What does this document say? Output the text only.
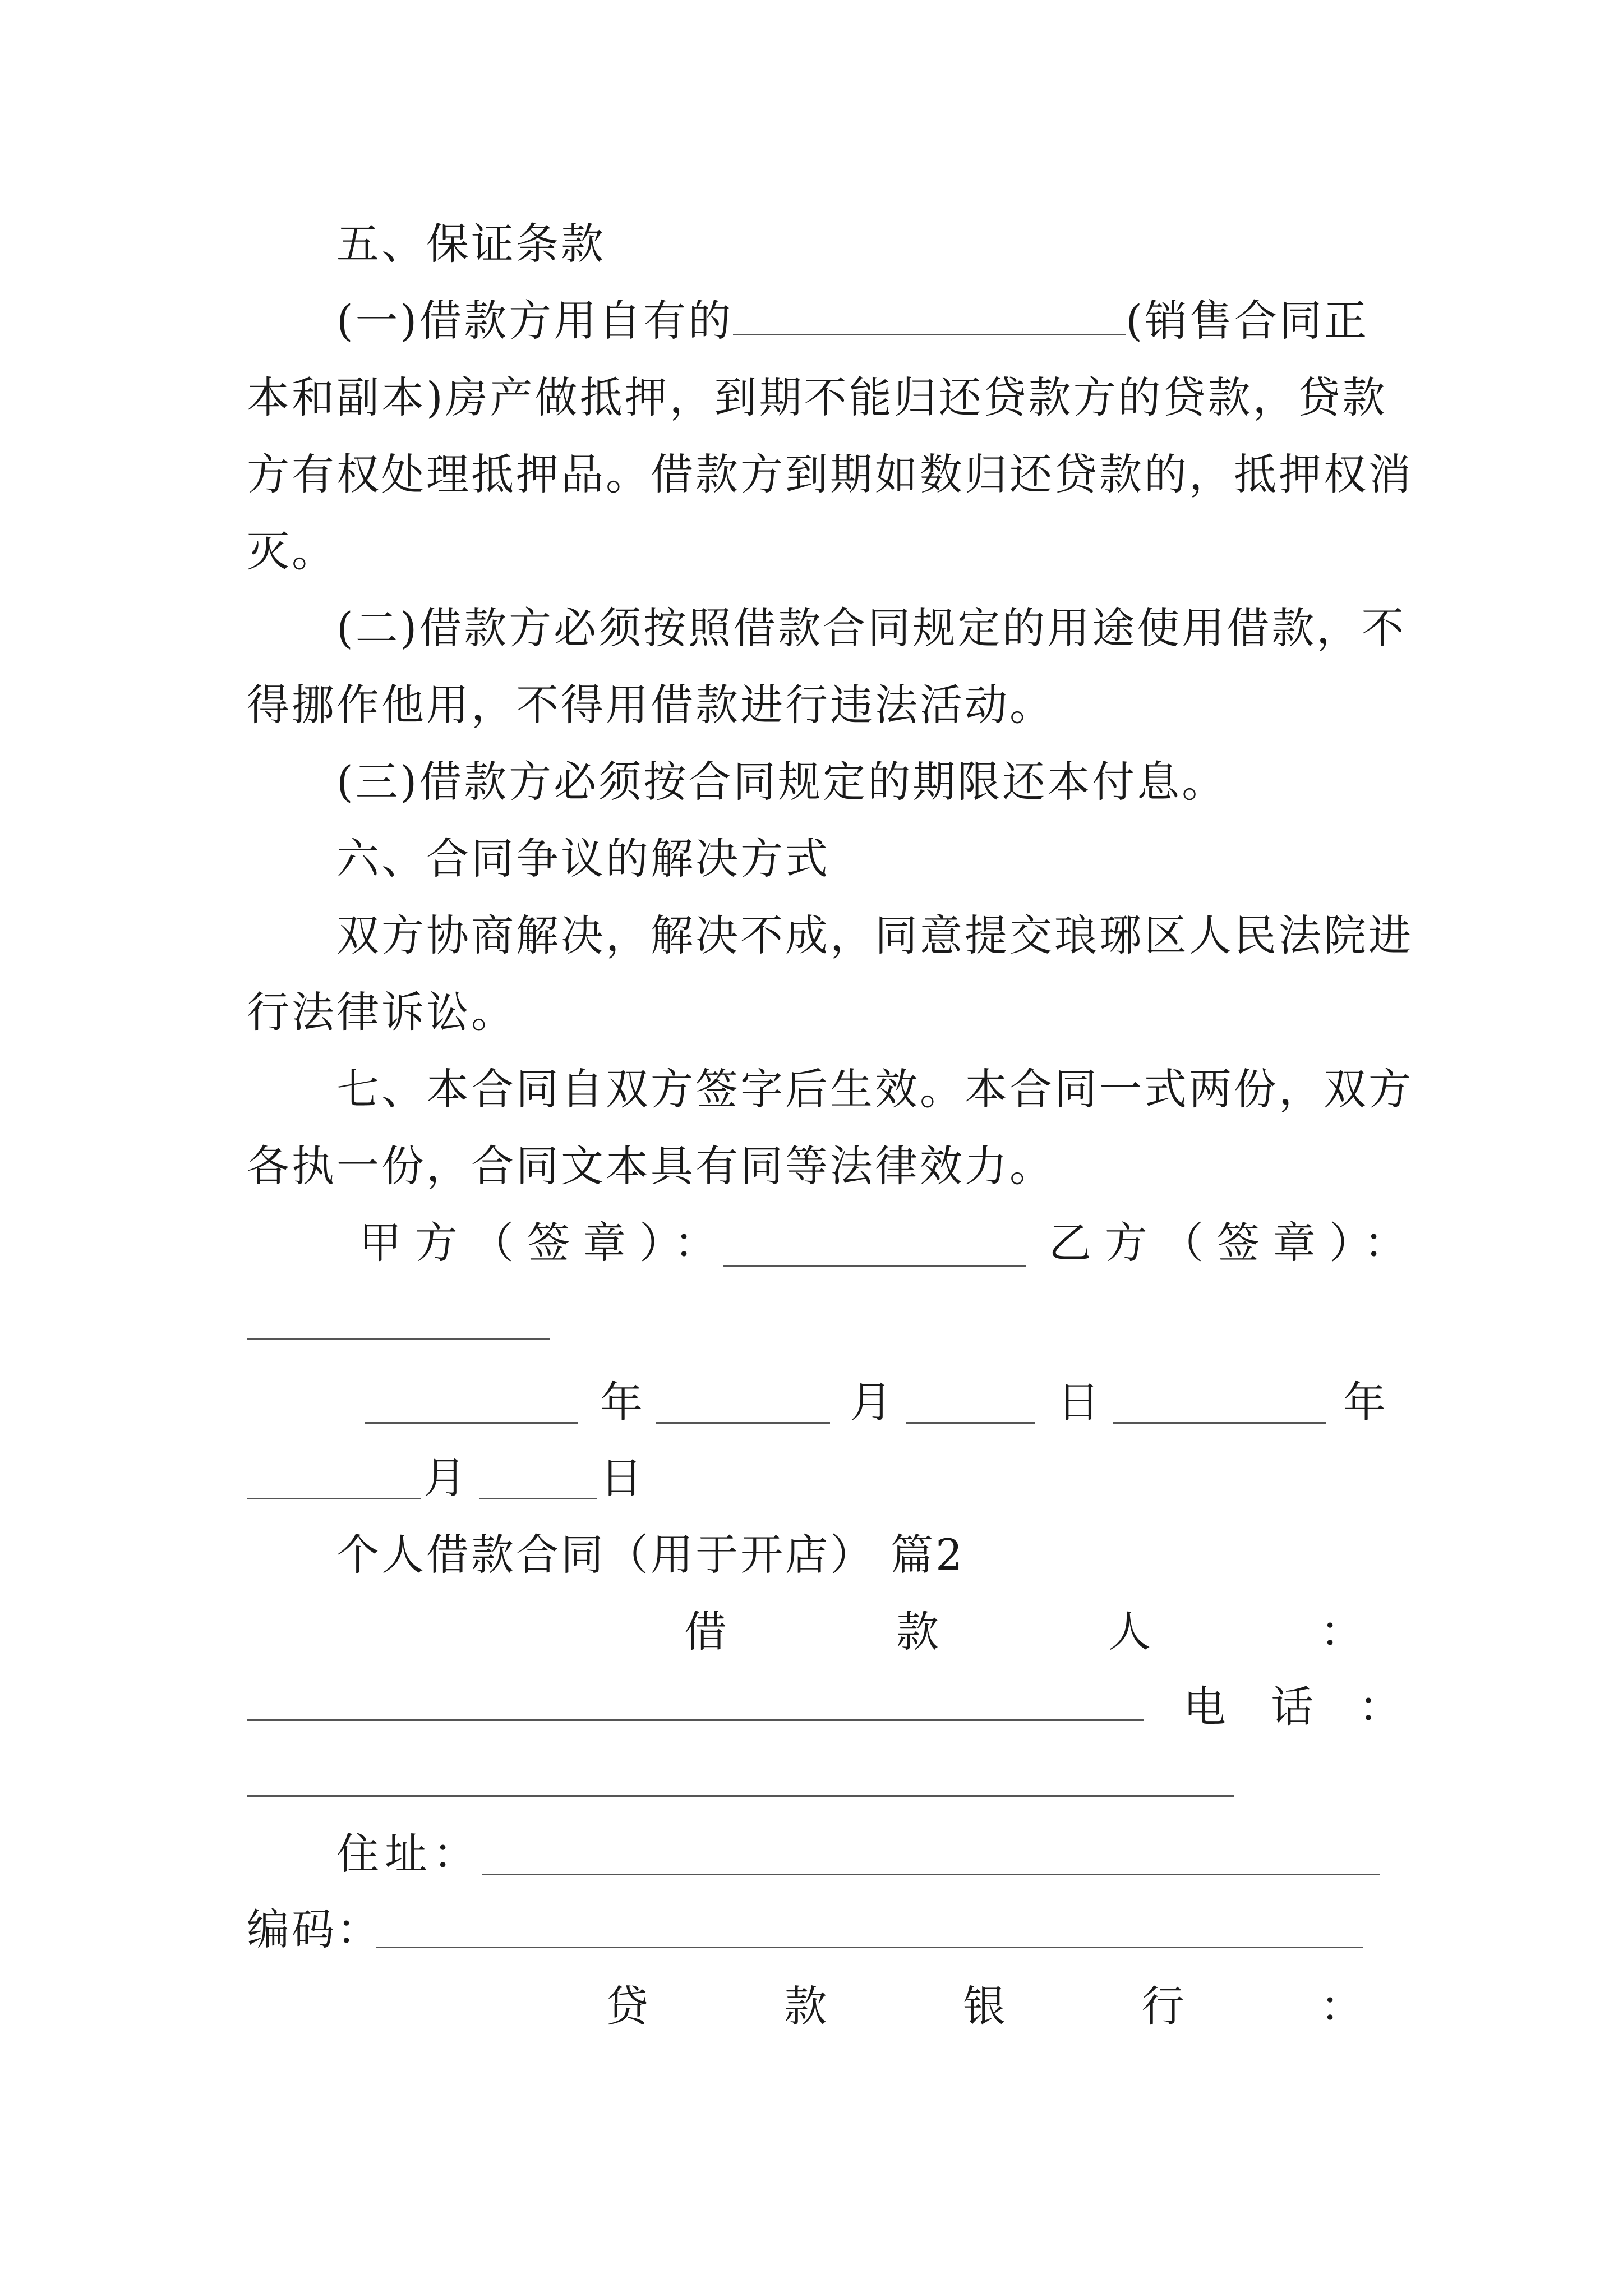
五、保证条款
(一)借款方用自有的	(销售合同正
本和副本)房产做抵押，到期不能归还贷款方的贷款，贷款
方有权处理抵押品。借款方到期如数归还贷款的，抵押权消
灭。
(二)借款方必须按照借款合同规定的用途使用借款，不
得挪作他用，不得用借款进行违法活动。
(三)借款方必须按合同规定的期限还本付息。
六、合同争议的解决方式
双方协商解决，解决不成，同意提交琅琊区人民法院进
行法律诉讼。
七、本合同自双方签字后生效。本合同一式两份，双方
各执一份，合同文本具有同等法律效力。
甲方（签章）：	乙方（签章）：
年	月	日	年
月	日
个人借款合同（用于开店） 篇2
借	款	人	：
电 话 ：
住址：
编码：
贷	款	银	行	：
